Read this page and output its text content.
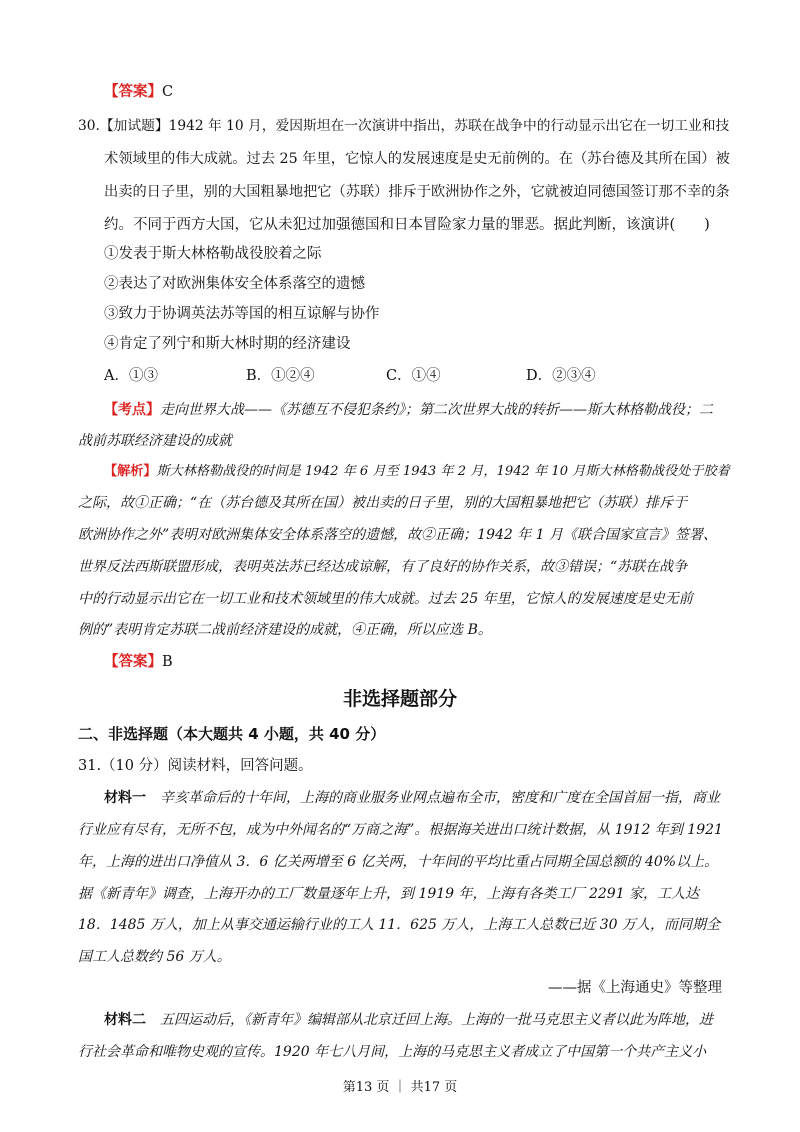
【答案】C
30.【加试题】1942 年 10 月，爱因斯坦在一次演讲中指出，苏联在战争中的行动显示出它在一切工业和技
术领域里的伟大成就。过去 25 年里，它惊人的发展速度是史无前例的。在（苏台德及其所在国）被
出卖的日子里，别的大国粗暴地把它（苏联）排斥于欧洲协作之外，它就被迫同德国签订那不幸的条
约。不同于西方大国，它从未犯过加强德国和日本冒险家力量的罪恶。据此判断，该演讲(　　)
①发表于斯大林格勒战役胶着之际
②表达了对欧洲集体安全体系落空的遗憾
③致力于协调英法苏等国的相互谅解与协作
④肯定了列宁和斯大林时期的经济建设
A．①③	B．①②④	C．①④	D．②③④
【考点】走向世界大战——《苏德互不侵犯条约》；第二次世界大战的转折——斯大林格勒战役；二
战前苏联经济建设的成就
【解析】斯大林格勒战役的时间是 1942 年 6 月至 1943 年 2 月，1942 年 10 月斯大林格勒战役处于胶着
之际，故①正确；“在（苏台德及其所在国）被出卖的日子里，别的大国粗暴地把它（苏联）排斥于
欧洲协作之外”表明对欧洲集体安全体系落空的遗憾，故②正确；1942 年 1 月《联合国家宣言》签署、
世界反法西斯联盟形成，表明英法苏已经达成谅解，有了良好的协作关系，故③错误；“苏联在战争
中的行动显示出它在一切工业和技术领域里的伟大成就。过去 25 年里，它惊人的发展速度是史无前
例的”表明肯定苏联二战前经济建设的成就，④正确，所以应选 B。
【答案】B
非选择题部分
二、非选择题（本大题共 4 小题，共 40 分）
31.（10 分）阅读材料，回答问题。
材料一　 辛亥革命后的十年间，上海的商业服务业网点遍布全市，密度和广度在全国首屈一指，商业
行业应有尽有，无所不包，成为中外闻名的“万商之海”。根据海关进出口统计数据，从 1912 年到 1921
年，上海的进出口净值从 3．6 亿关两增至 6 亿关两，十年间的平均比重占同期全国总额的 40%以上。
据《新青年》调查，上海开办的工厂数量逐年上升，到 1919 年，上海有各类工厂 2291 家，工人达
18．1485 万人，加上从事交通运输行业的工人 11．625 万人，上海工人总数已近 30 万人，而同期全
国工人总数约 56 万人。
——据《上海通史》等整理
材料二　 五四运动后，《新青年》编辑部从北京迁回上海。上海的一批马克思主义者以此为阵地，进
行社会革命和唯物史观的宣传。1920 年七八月间，上海的马克思主义者成立了中国第一个共产主义小
第13 页 ｜ 共17 页
